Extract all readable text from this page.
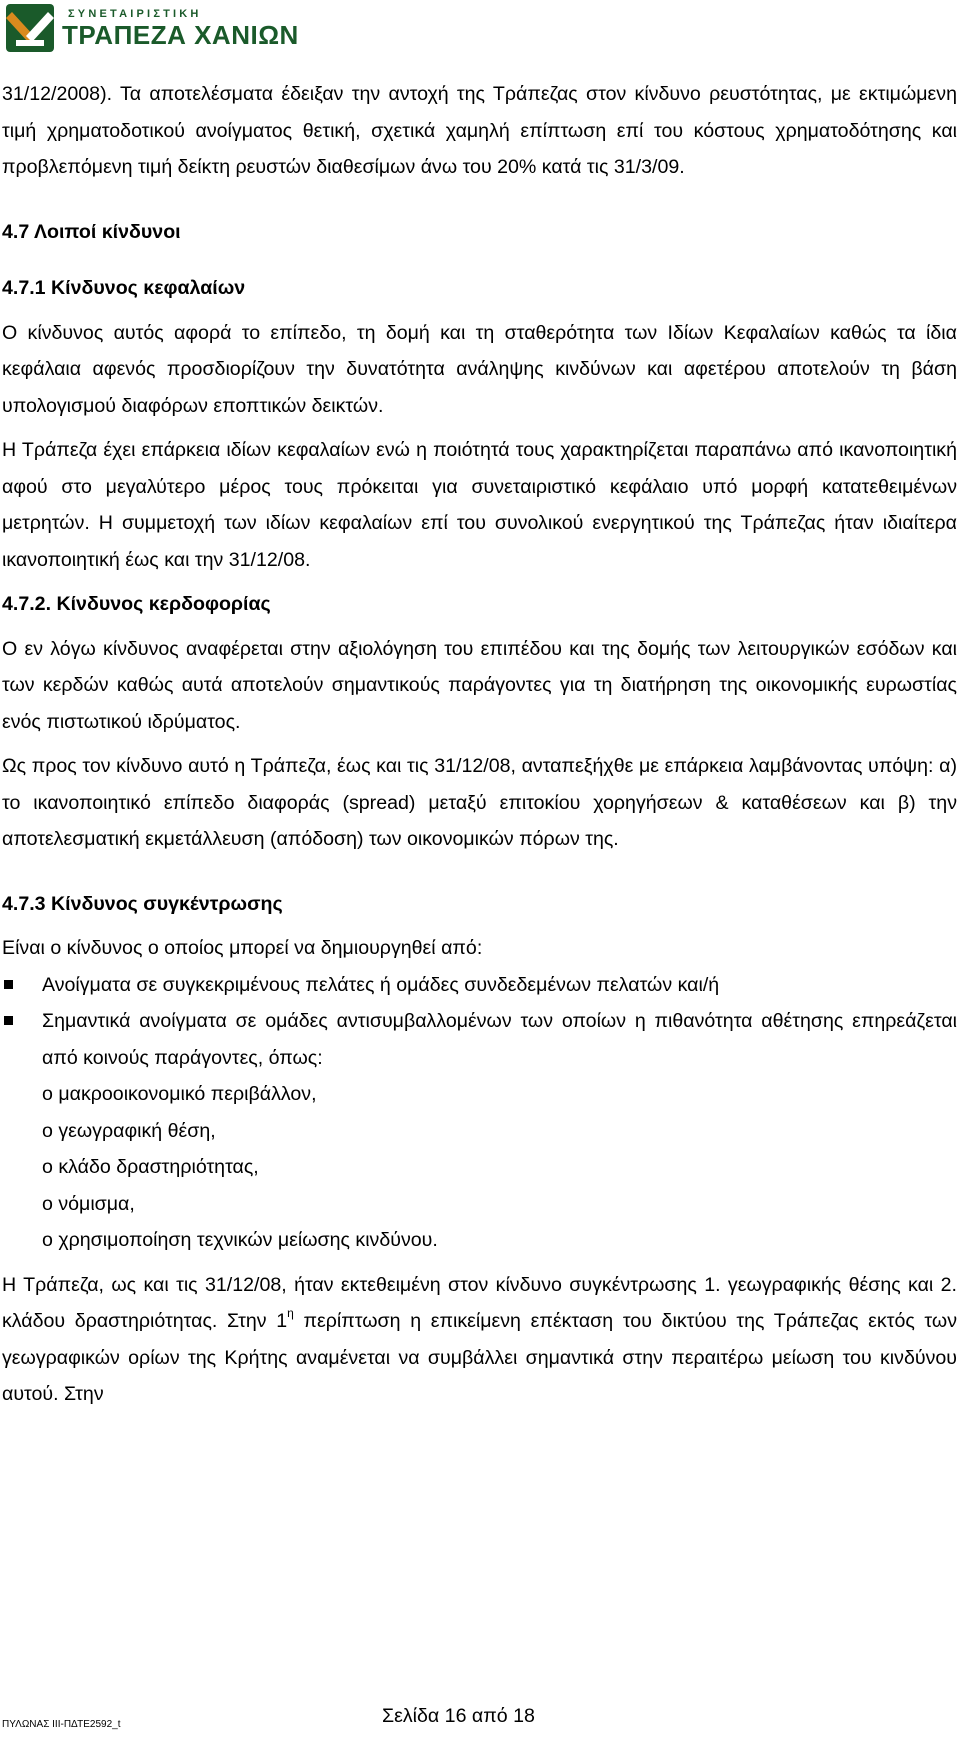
ΣΥΝΕΤΑΙΡΙΣΤΙΚΗ
ΤΡΑΠΕΖΑ ΧΑΝΙΩΝ

31/12/2008). Τα αποτελέσματα έδειξαν την αντοχή της Τράπεζας στον κίνδυνο ρευστότητας, με εκτιμώμενη τιμή χρηματοδοτικού ανοίγματος θετική, σχετικά χαμηλή επίπτωση επί του κόστους χρηματοδότησης και προβλεπόμενη τιμή δείκτη ρευστών διαθεσίμων άνω του 20% κατά τις 31/3/09.

4.7 Λοιποί κίνδυνοι

4.7.1 Κίνδυνος κεφαλαίων

Ο κίνδυνος αυτός αφορά το επίπεδο, τη δομή και τη σταθερότητα των Ιδίων Κεφαλαίων καθώς τα ίδια κεφάλαια αφενός προσδιορίζουν την δυνατότητα ανάληψης κινδύνων και αφετέρου αποτελούν τη βάση υπολογισμού διαφόρων εποπτικών δεικτών.

Η Τράπεζα έχει επάρκεια ιδίων κεφαλαίων ενώ η ποιότητά τους χαρακτηρίζεται παραπάνω από ικανοποιητική αφού στο μεγαλύτερο μέρος τους πρόκειται για συνεταιριστικό κεφάλαιο υπό μορφή κατατεθειμένων μετρητών. Η συμμετοχή των ιδίων κεφαλαίων επί του συνολικού ενεργητικού της Τράπεζας ήταν ιδιαίτερα ικανοποιητική έως και την 31/12/08.

4.7.2. Κίνδυνος κερδοφορίας

Ο εν λόγω κίνδυνος αναφέρεται στην αξιολόγηση του επιπέδου και της δομής των λειτουργικών εσόδων και των κερδών καθώς αυτά αποτελούν σημαντικούς παράγοντες για τη διατήρηση της οικονομικής ευρωστίας ενός πιστωτικού ιδρύματος.

Ως προς τον κίνδυνο αυτό η Τράπεζα, έως και τις 31/12/08, ανταπεξήχθε με επάρκεια λαμβάνοντας υπόψη: α) το ικανοποιητικό επίπεδο διαφοράς (spread) μεταξύ επιτοκίου χορηγήσεων & καταθέσεων και β) την αποτελεσματική εκμετάλλευση (απόδοση) των οικονομικών πόρων της.

4.7.3 Κίνδυνος συγκέντρωσης

Είναι ο κίνδυνος ο οποίος μπορεί να δημιουργηθεί από:

Ανοίγματα σε συγκεκριμένους πελάτες ή ομάδες συνδεδεμένων πελατών και/ή
Σημαντικά ανοίγματα σε ομάδες αντισυμβαλλομένων των οποίων η πιθανότητα αθέτησης επηρεάζεται από κοινούς παράγοντες, όπως:

o μακροοικονομικό περιβάλλον,

o γεωγραφική θέση,

o κλάδο δραστηριότητας,

o νόμισμα,

o χρησιμοποίηση τεχνικών μείωσης κινδύνου.

Η Τράπεζα, ως και τις 31/12/08, ήταν εκτεθειμένη στον κίνδυνο συγκέντρωσης 1. γεωγραφικής θέσης και 2. κλάδου δραστηριότητας. Στην $1^\eta$ περίπτωση η επικείμενη επέκταση του δικτύου της Τράπεζας εκτός των γεωγραφικών ορίων της Κρήτης αναμένεται να συμβάλλει σημαντικά στην περαιτέρω μείωση του κινδύνου αυτού. Στην

ΠΥΛΩΝΑΣ ΙΙΙ-ΠΔΤΕ2592_t	Σελίδα 16 από 18
